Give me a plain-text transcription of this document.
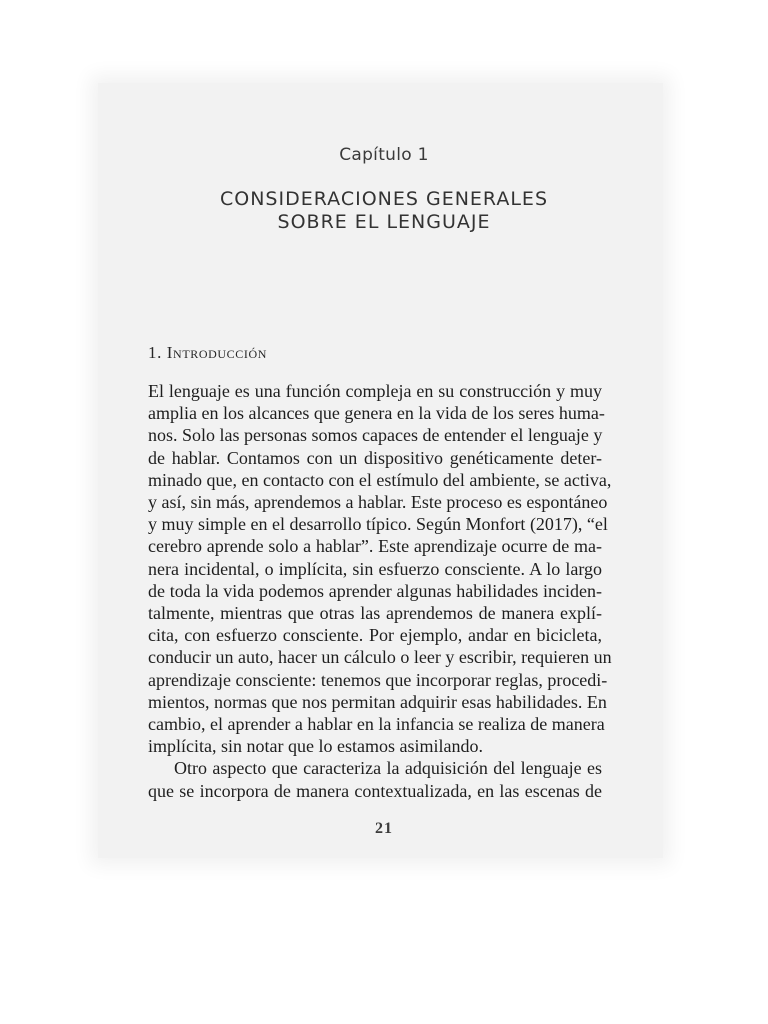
Capítulo 1
CONSIDERACIONES GENERALES
SOBRE EL LENGUAJE
1. Introducción
El lenguaje es una función compleja en su construcción y muy
amplia en los alcances que genera en la vida de los seres huma-
nos. Solo las personas somos capaces de entender el lenguaje y
de hablar. Contamos con un dispositivo genéticamente deter-
minado que, en contacto con el estímulo del ambiente, se activa,
y así, sin más, aprendemos a hablar. Este proceso es espontáneo
y muy simple en el desarrollo típico. Según Monfort (2017), “el
cerebro aprende solo a hablar”. Este aprendizaje ocurre de ma-
nera incidental, o implícita, sin esfuerzo consciente. A lo largo
de toda la vida podemos aprender algunas habilidades inciden-
talmente, mientras que otras las aprendemos de manera explí-
cita, con esfuerzo consciente. Por ejemplo, andar en bicicleta,
conducir un auto, hacer un cálculo o leer y escribir, requieren un
aprendizaje consciente: tenemos que incorporar reglas, procedi-
mientos, normas que nos permitan adquirir esas habilidades. En
cambio, el aprender a hablar en la infancia se realiza de manera
implícita, sin notar que lo estamos asimilando.
Otro aspecto que caracteriza la adquisición del lenguaje es
que se incorpora de manera contextualizada, en las escenas de
21
